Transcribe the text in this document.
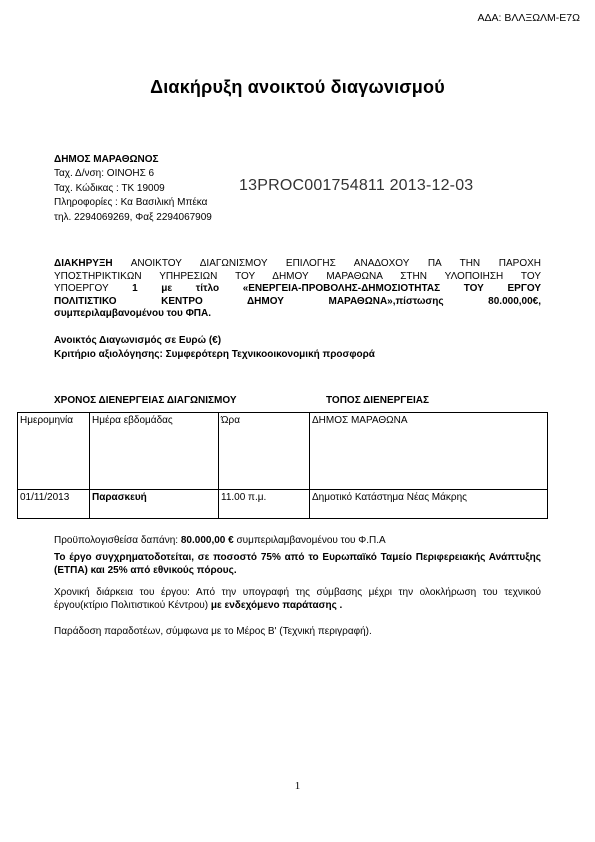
ΑΔΑ: ΒΛΛΞΩΛΜ-Ε7Ω
Διακήρυξη ανοικτού διαγωνισμού
ΔΗΜΟΣ ΜΑΡΑΘΩΝΟΣ
Ταχ. Δ/νση: ΟΙΝΟΗΣ 6
Ταχ. Κώδικας : ΤΚ 19009
Πληροφορίες : Κα Βασιλική Μπέκα
τηλ. 2294069269, Φαξ 2294067909
13PROC001754811 2013-12-03
ΔΙΑΚΗΡΥΞΗ ΑΝΟΙΚΤΟΥ ΔΙΑΓΩΝΙΣΜΟΥ ΕΠΙΛΟΓΗΣ ΑΝΑΔΟΧΟΥ ΠΑ ΤΗΝ ΠΑΡΟΧΗ
ΥΠΟΣΤΗΡΙΚΤΙΚΩΝ ΥΠΗΡΕΣΙΩΝ ΤΟΥ ΔΗΜΟΥ ΜΑΡΑΘΩΝΑ ΣΤΗΝ ΥΛΟΠΟΙΗΣΗ ΤΟΥ
ΥΠΟΕΡΓΟΥ 1 με τίτλο «ΕΝΕΡΓΕΙΑ-ΠΡΟΒΟΛΗΣ-ΔΗΜΟΣΙΟΤΗΤΑΣ ΤΟΥ ΕΡΓΟΥ
ΠΟΛΙΤΙΣΤΙΚΟ ΚΕΝΤΡΟ ΔΗΜΟΥ ΜΑΡΑΘΩΝΑ»,πίστωσης 80.000,00€,
συμπεριλαμβανομένου του ΦΠΑ.
Ανοικτός Διαγωνισμός σε Ευρώ (€)
Κριτήριο αξιολόγησης: Συμφερότερη Τεχνικοοικονομική προσφορά
ΧΡΟΝΟΣ ΔΙΕΝΕΡΓΕΙΑΣ ΔΙΑΓΩΝΙΣΜΟΥ	ΤΟΠΟΣ ΔΙΕΝΕΡΓΕΙΑΣ
Ημερομηνία	Ημέρα εβδομάδας	Ώρα	ΔΗΜΟΣ ΜΑΡΑΘΩΝΑ
01/11/2013	Παρασκευή	11.00 π.μ.	Δημοτικό Κατάστημα Νέας Μάκρης
Προϋπολογισθείσα δαπάνη: 80.000,00 € συμπεριλαμβανομένου του Φ.Π.Α
Το έργο συγχρηματοδοτείται, σε ποσοστό 75% από το Ευρωπαϊκό Ταμείο Περιφερειακής Ανάπτυξης (ΕΤΠΑ) και 25% από εθνικούς πόρους.
Χρονική διάρκεια του έργου: Από την υπογραφή της σύμβασης μέχρι την ολοκλήρωση του τεχνικού έργου(κτίριο Πολιτιστικού Κέντρου) με ενδεχόμενο παράτασης .
Παράδοση παραδοτέων, σύμφωνα με το Μέρος Β' (Τεχνική περιγραφή).
1
